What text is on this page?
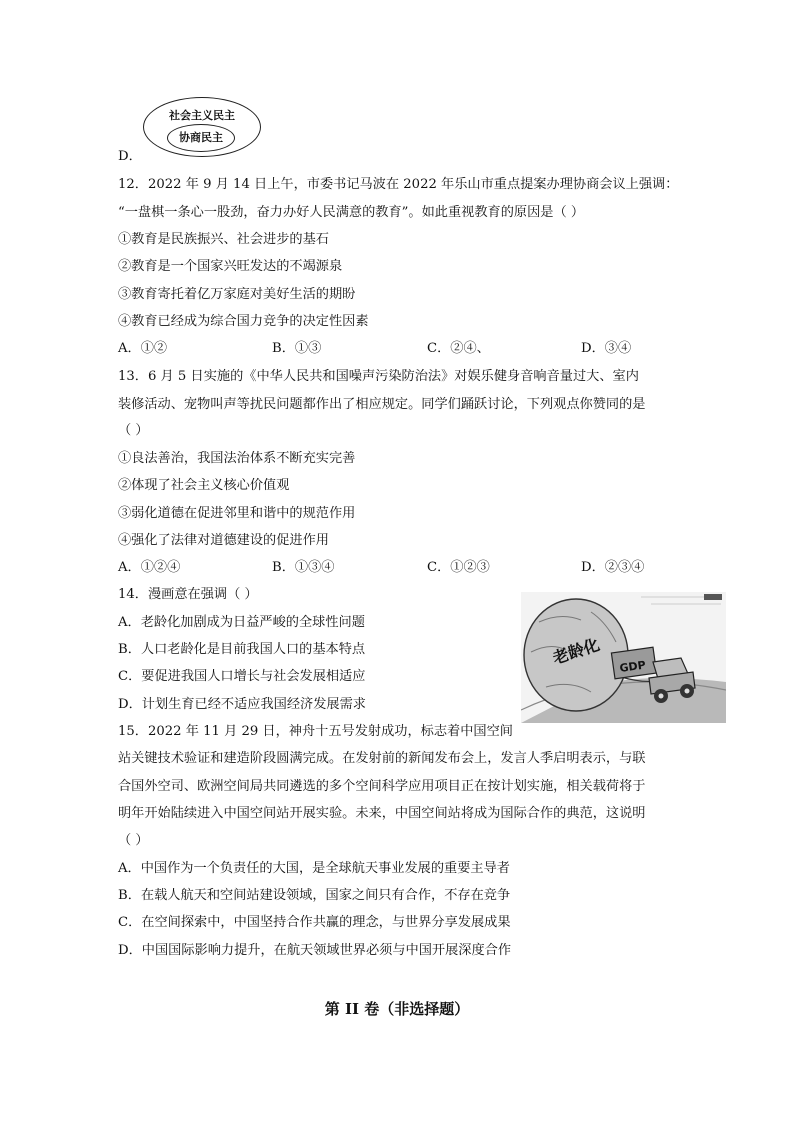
社会主义民主
协商民主
D．
12．2022 年 9 月 14 日上午，市委书记马波在 2022 年乐山市重点提案办理协商会议上强调：
“一盘棋一条心一股劲，奋力办好人民满意的教育”。如此重视教育的原因是（ ）
①教育是民族振兴、社会进步的基石
②教育是一个国家兴旺发达的不竭源泉
③教育寄托着亿万家庭对美好生活的期盼
④教育已经成为综合国力竞争的决定性因素
A．①②	B．①③	C．②④、	D．③④
13．6 月 5 日实施的《中华人民共和国噪声污染防治法》对娱乐健身音响音量过大、室内
装修活动、宠物叫声等扰民问题都作出了相应规定。同学们踊跃讨论，下列观点你赞同的是
（ ）
①良法善治，我国法治体系不断充实完善
②体现了社会主义核心价值观
③弱化道德在促进邻里和谐中的规范作用
④强化了法律对道德建设的促进作用
A．①②④	B．①③④	C．①②③	D．②③④
14．漫画意在强调（ ）
A．老龄化加剧成为日益严峻的全球性问题
B．人口老龄化是目前我国人口的基本特点
C．要促进我国人口增长与社会发展相适应
D．计划生育已经不适应我国经济发展需求
老龄化 GDP
15．2022 年 11 月 29 日，神舟十五号发射成功，标志着中国空间
站关键技术验证和建造阶段圆满完成。在发射前的新闻发布会上，发言人季启明表示，与联
合国外空司、欧洲空间局共同遴选的多个空间科学应用项目正在按计划实施，相关载荷将于
明年开始陆续进入中国空间站开展实验。未来，中国空间站将成为国际合作的典范，这说明
（ ）
A．中国作为一个负责任的大国，是全球航天事业发展的重要主导者
B．在载人航天和空间站建设领域，国家之间只有合作，不存在竞争
C．在空间探索中，中国坚持合作共赢的理念，与世界分享发展成果
D．中国国际影响力提升，在航天领域世界必须与中国开展深度合作
第 II 卷（非选择题）
